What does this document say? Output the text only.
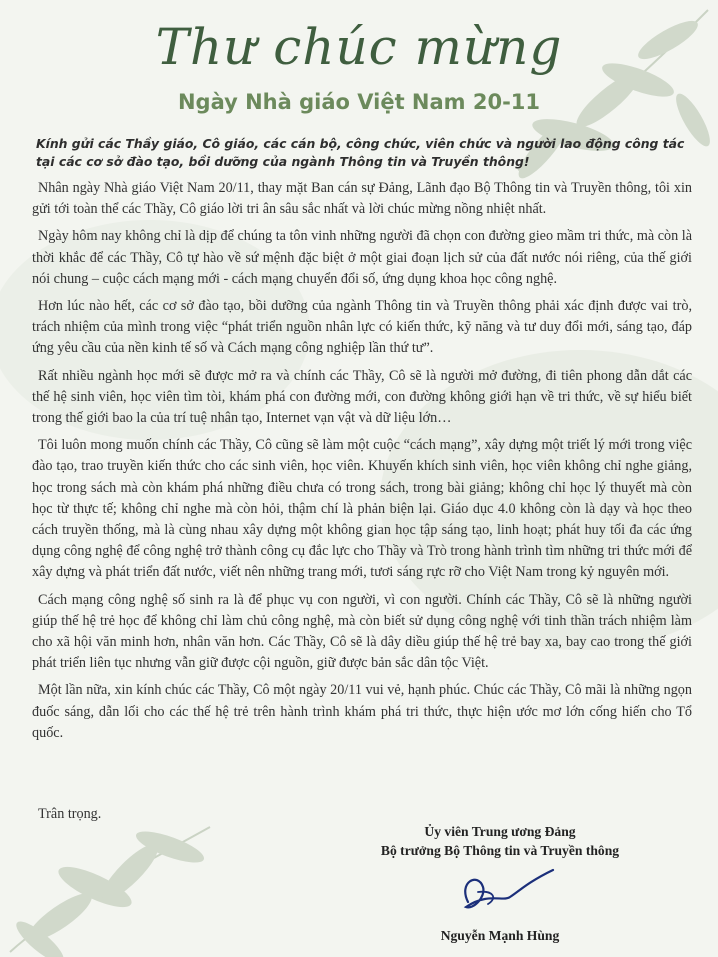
Thư chúc mừng
Ngày Nhà giáo Việt Nam 20-11
Kính gửi các Thầy giáo, Cô giáo, các cán bộ, công chức, viên chức và người lao động công tác tại các cơ sở đào tạo, bồi dưỡng của ngành Thông tin và Truyền thông!

Nhân ngày Nhà giáo Việt Nam 20/11, thay mặt Ban cán sự Đảng, Lãnh đạo Bộ Thông tin và Truyền thông, tôi xin gửi tới toàn thể các Thầy, Cô giáo lời tri ân sâu sắc nhất và lời chúc mừng nồng nhiệt nhất.

Ngày hôm nay không chỉ là dịp để chúng ta tôn vinh những người đã chọn con đường gieo mầm tri thức, mà còn là thời khắc để các Thầy, Cô tự hào về sứ mệnh đặc biệt ở một giai đoạn lịch sử của đất nước nói riêng, của thế giới nói chung – cuộc cách mạng mới - cách mạng chuyển đổi số, ứng dụng khoa học công nghệ.

Hơn lúc nào hết, các cơ sở đào tạo, bồi dưỡng của ngành Thông tin và Truyền thông phải xác định được vai trò, trách nhiệm của mình trong việc “phát triển nguồn nhân lực có kiến thức, kỹ năng và tư duy đổi mới, sáng tạo, đáp ứng yêu cầu của nền kinh tế số và Cách mạng công nghiệp lần thứ tư”.

Rất nhiều ngành học mới sẽ được mở ra và chính các Thầy, Cô sẽ là người mở đường, đi tiên phong dẫn dắt các thế hệ sinh viên, học viên tìm tòi, khám phá con đường mới, con đường không giới hạn về tri thức, về sự hiểu biết trong thế giới bao la của trí tuệ nhân tạo, Internet vạn vật và dữ liệu lớn…

Tôi luôn mong muốn chính các Thầy, Cô cũng sẽ làm một cuộc “cách mạng”, xây dựng một triết lý mới trong việc đào tạo, trao truyền kiến thức cho các sinh viên, học viên. Khuyến khích sinh viên, học viên không chỉ nghe giảng, học trong sách mà còn khám phá những điều chưa có trong sách, trong bài giảng; không chỉ học lý thuyết mà còn học từ thực tế; không chỉ nghe mà còn hỏi, thậm chí là phản biện lại. Giáo dục 4.0 không còn là dạy và học theo cách truyền thống, mà là cùng nhau xây dựng một không gian học tập sáng tạo, linh hoạt; phát huy tối đa các ứng dụng công nghệ để công nghệ trở thành công cụ đắc lực cho Thầy và Trò trong hành trình tìm những tri thức mới để xây dựng và phát triển đất nước, viết nên những trang mới, tươi sáng rực rỡ cho Việt Nam trong kỷ nguyên mới.

Cách mạng công nghệ số sinh ra là để phục vụ con người, vì con người. Chính các Thầy, Cô sẽ là những người giúp thế hệ trẻ học để không chỉ làm chủ công nghệ, mà còn biết sử dụng công nghệ với tinh thần trách nhiệm làm cho xã hội văn minh hơn, nhân văn hơn. Các Thầy, Cô sẽ là dây diều giúp thế hệ trẻ bay xa, bay cao trong thế giới phát triển liên tục nhưng vẫn giữ được cội nguồn, giữ được bản sắc dân tộc Việt.

Một lần nữa, xin kính chúc các Thầy, Cô một ngày 20/11 vui vẻ, hạnh phúc. Chúc các Thầy, Cô mãi là những ngọn đuốc sáng, dẫn lối cho các thế hệ trẻ trên hành trình khám phá tri thức, thực hiện ước mơ lớn cống hiến cho Tổ quốc.

Trân trọng.
Ủy viên Trung ương Đảng
Bộ trưởng Bộ Thông tin và Truyền thông
Nguyễn Mạnh Hùng
